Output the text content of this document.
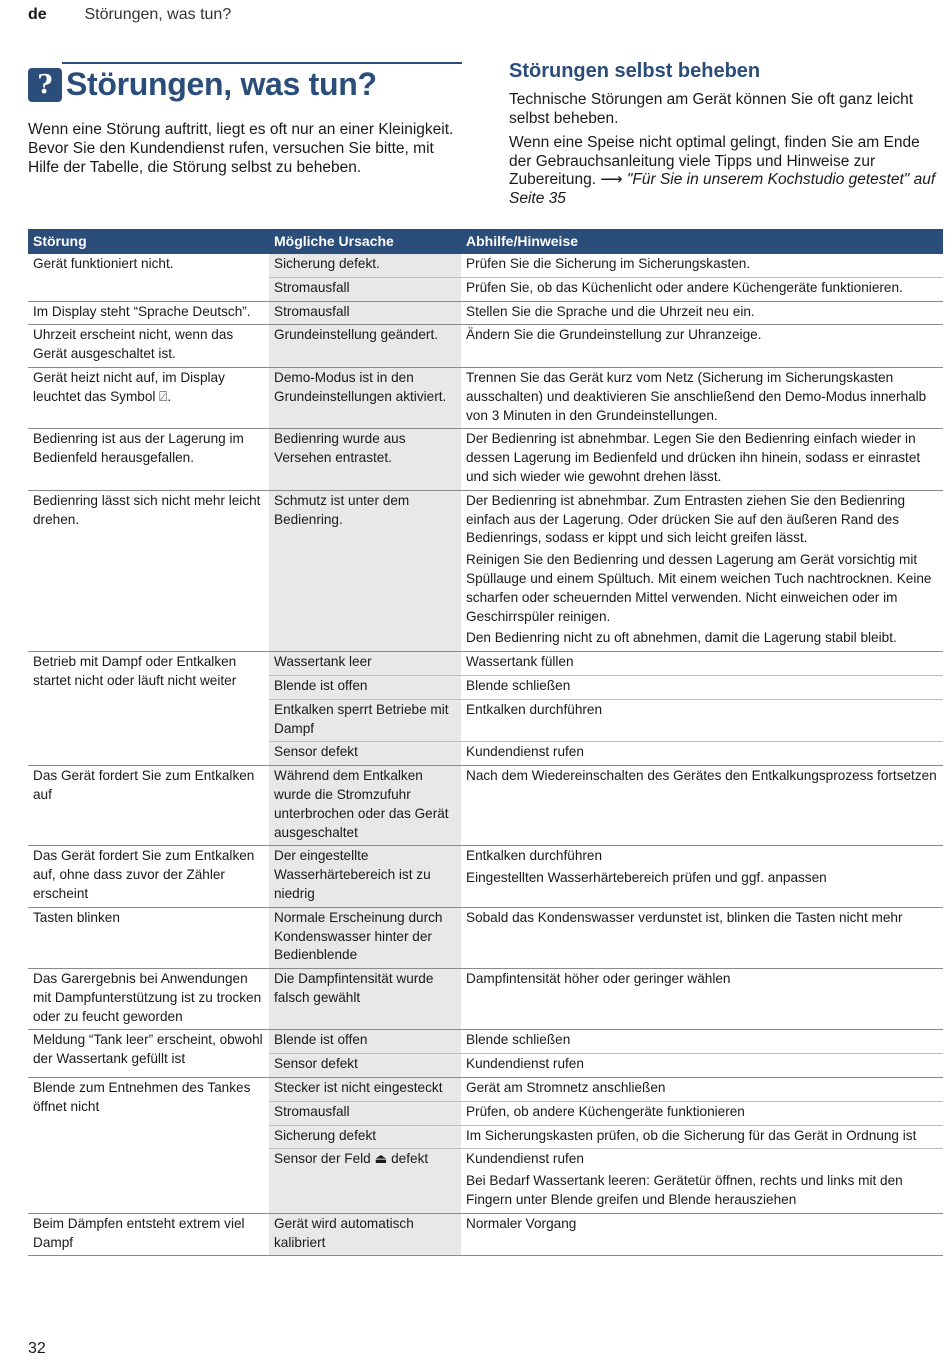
de Störungen, was tun?
? Störungen, was tun?
Wenn eine Störung auftritt, liegt es oft nur an einer Kleinigkeit. Bevor Sie den Kundendienst rufen, versuchen Sie bitte, mit Hilfe der Tabelle, die Störung selbst zu beheben.
Störungen selbst beheben

Technische Störungen am Gerät können Sie oft ganz leicht selbst beheben.

Wenn eine Speise nicht optimal gelingt, finden Sie am Ende der Gebrauchsanleitung viele Tipps und Hinweise zur Zubereitung. ⟶ "Für Sie in unserem Kochstudio getestet" auf Seite 35

Störung	Mögliche Ursache	Abhilfe/Hinweise
Gerät funktioniert nicht.	Sicherung defekt.	Prüfen Sie die Sicherung im Sicherungskasten.
	Stromausfall	Prüfen Sie, ob das Küchenlicht oder andere Küchengeräte funktionieren.
Im Display steht “Sprache Deutsch”.	Stromausfall	Stellen Sie die Sprache und die Uhrzeit neu ein.
Uhrzeit erscheint nicht, wenn das Gerät ausgeschaltet ist.	Grundeinstellung geändert.	Ändern Sie die Grundeinstellung zur Uhranzeige.
Gerät heizt nicht auf, im Display leuchtet das Symbol ⍁.	Demo-Modus ist in den Grundeinstellungen aktiviert.	Trennen Sie das Gerät kurz vom Netz (Sicherung im Sicherungskasten ausschalten) und deaktivieren Sie anschließend den Demo-Modus innerhalb von 3 Minuten in den Grundeinstellungen.
Bedienring ist aus der Lagerung im Bedienfeld herausgefallen.	Bedienring wurde aus Versehen entrastet.	Der Bedienring ist abnehmbar. Legen Sie den Bedienring einfach wieder in dessen Lagerung im Bedienfeld und drücken ihn hinein, sodass er einrastet und sich wieder wie gewohnt drehen lässt.
Bedienring lässt sich nicht mehr leicht drehen.	Schmutz ist unter dem Bedienring.	Der Bedienring ist abnehmbar. Zum Entrasten ziehen Sie den Bedienring einfach aus der Lagerung. Oder drücken Sie auf den äußeren Rand des Bedienrings, sodass er kippt und sich leicht greifen lässt.
Reinigen Sie den Bedienring und dessen Lagerung am Gerät vorsichtig mit Spüllauge und einem Spültuch. Mit einem weichen Tuch nachtrocknen. Keine scharfen oder scheuernden Mittel verwenden. Nicht einweichen oder im Geschirrspüler reinigen.
Den Bedienring nicht zu oft abnehmen, damit die Lagerung stabil bleibt.

Betrieb mit Dampf oder Entkalken startet nicht oder läuft nicht weiter	Wassertank leer	Wassertank füllen
	Blende ist offen	Blende schließen
	Entkalken sperrt Betriebe mit Dampf	Entkalken durchführen
	Sensor defekt	Kundendienst rufen
Das Gerät fordert Sie zum Entkalken auf	Während dem Entkalken wurde die Stromzufuhr unterbrochen oder das Gerät ausgeschaltet	Nach dem Wiedereinschalten des Gerätes den Entkalkungsprozess fortsetzen
Das Gerät fordert Sie zum Entkalken auf, ohne dass zuvor der Zähler erscheint	Der eingestellte Wasserhärtebereich ist zu niedrig	Entkalken durchführen
Eingestellten Wasserhärtebereich prüfen und ggf. anpassen

Tasten blinken	Normale Erscheinung durch Kondenswasser hinter der Bedienblende	Sobald das Kondenswasser verdunstet ist, blinken die Tasten nicht mehr
Das Garergebnis bei Anwendungen mit Dampfunterstützung ist zu trocken oder zu feucht geworden	Die Dampfintensität wurde falsch gewählt	Dampfintensität höher oder geringer wählen
Meldung “Tank leer” erscheint, obwohl der Wassertank gefüllt ist	Blende ist offen	Blende schließen
	Sensor defekt	Kundendienst rufen
Blende zum Entnehmen des Tankes öffnet nicht	Stecker ist nicht eingesteckt	Gerät am Stromnetz anschließen
	Stromausfall	Prüfen, ob andere Küchengeräte funktionieren
	Sicherung defekt	Im Sicherungskasten prüfen, ob die Sicherung für das Gerät in Ordnung ist
	Sensor der Feld ⏏ defekt	Kundendienst rufen
Bei Bedarf Wassertank leeren: Gerätetür öffnen, rechts und links mit den Fingern unter Blende greifen und Blende herausziehen

Beim Dämpfen entsteht extrem viel Dampf	Gerät wird automatisch kalibriert	Normaler Vorgang
32
